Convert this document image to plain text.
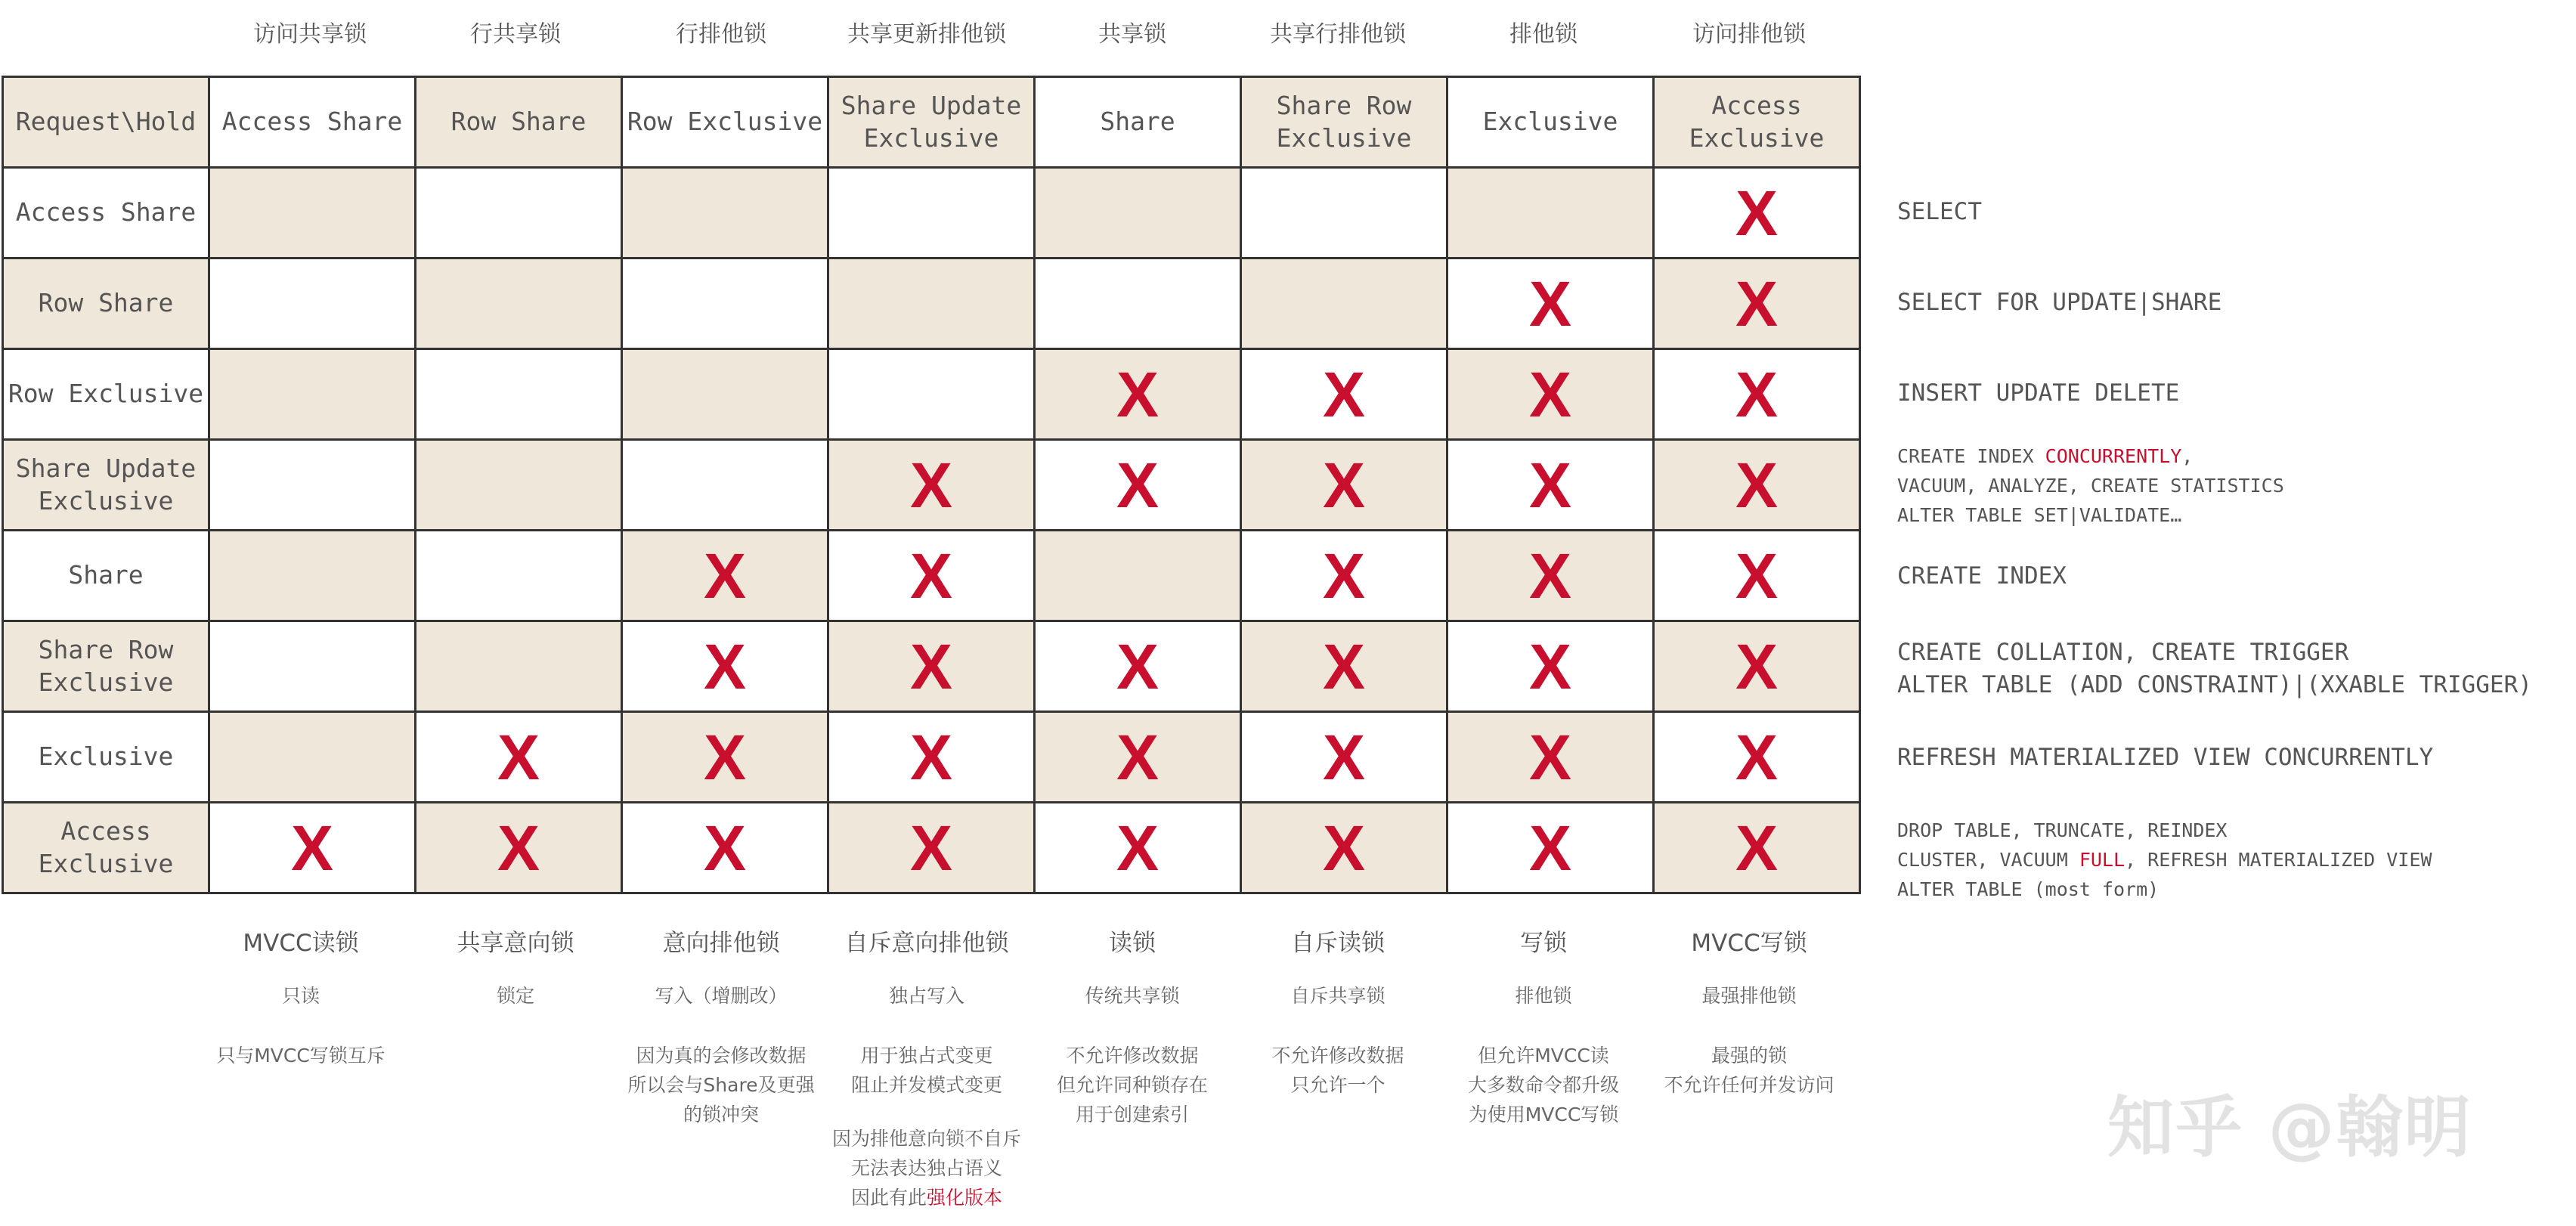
访问共享锁	行共享锁	行排他锁	共享更新排他锁	共享锁	共享行排他锁	排他锁	访问排他锁
Request\Hold	Access Share	Row Share	Row Exclusive	Share Update Exclusive	Share	Share Row Exclusive	Exclusive	Access Exclusive
Access Share								X
Row Share							X	X
Row Exclusive					X	X	X	X
Share Update Exclusive				X	X	X	X	X
Share			X	X		X	X	X
Share Row Exclusive			X	X	X	X	X	X
Exclusive		X	X	X	X	X	X	X
Access Exclusive	X	X	X	X	X	X	X	X
SELECT
SELECT FOR UPDATE|SHARE
INSERT UPDATE DELETE
CREATE INDEX CONCURRENTLY,
VACUUM, ANALYZE, CREATE STATISTICS
ALTER TABLE SET|VALIDATE…
CREATE INDEX
CREATE COLLATION, CREATE TRIGGER
ALTER TABLE (ADD CONSTRAINT)|(XXABLE TRIGGER)
REFRESH MATERIALIZED VIEW CONCURRENTLY
DROP TABLE, TRUNCATE, REINDEX
CLUSTER, VACUUM FULL, REFRESH MATERIALIZED VIEW
ALTER TABLE (most form)
MVCC读锁
只读
只与MVCC写锁互斥
共享意向锁
锁定
意向排他锁
写入（增删改）
因为真的会修改数据
所以会与Share及更强
的锁冲突
自斥意向排他锁
独占写入
用于独占式变更
阻止并发模式变更
因为排他意向锁不自斥
无法表达独占语义
因此有此强化版本
读锁
传统共享锁
不允许修改数据
但允许同种锁存在
用于创建索引
自斥读锁
自斥共享锁
不允许修改数据
只允许一个
写锁
排他锁
但允许MVCC读
大多数命令都升级
为使用MVCC写锁
MVCC写锁
最强排他锁
最强的锁
不允许任何并发访问
知乎 @翰明
